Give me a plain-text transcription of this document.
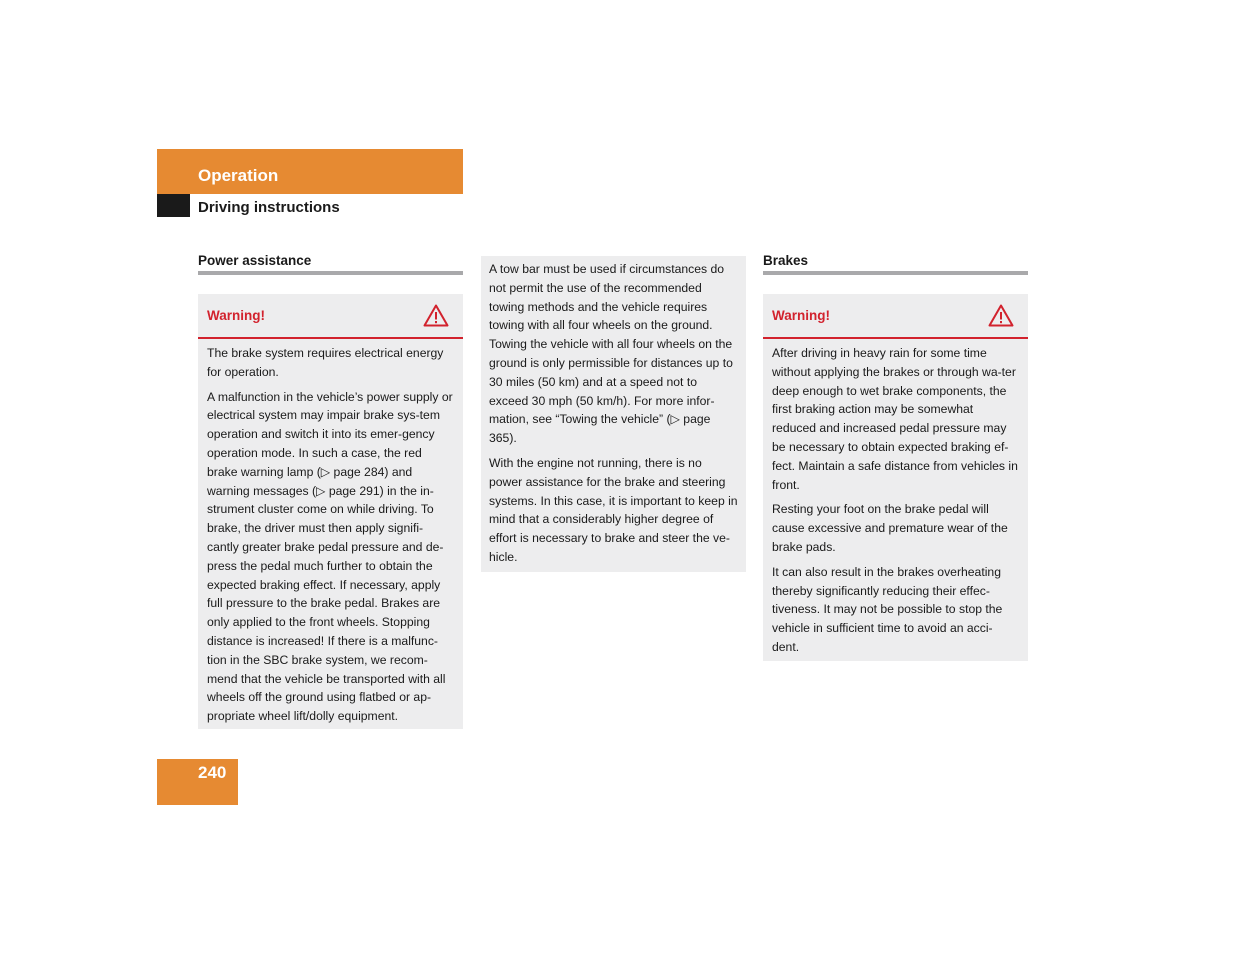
Operation
Driving instructions
Power assistance
Warning!

The brake system requires electrical energy for operation.

A malfunction in the vehicle’s power supply or electrical system may impair brake sys-tem operation and switch it into its emer-gency operation mode. In such a case, the red brake warning lamp (▷ page 284) and warning messages (▷ page 291) in the in-strument cluster come on while driving. To brake, the driver must then apply signifi-cantly greater brake pedal pressure and de-press the pedal much further to obtain the expected braking effect. If necessary, apply full pressure to the brake pedal. Brakes are only applied to the front wheels. Stopping distance is increased! If there is a malfunc-tion in the SBC brake system, we recom-mend that the vehicle be transported with all wheels off the ground using flatbed or ap-propriate wheel lift/dolly equipment.

A tow bar must be used if circumstances do not permit the use of the recommended towing methods and the vehicle requires towing with all four wheels on the ground. Towing the vehicle with all four wheels on the ground is only permissible for distances up to 30 miles (50 km) and at a speed not to exceed 30 mph (50 km/h). For more infor-mation, see “Towing the vehicle” (▷ page 365).

With the engine not running, there is no power assistance for the brake and steering systems. In this case, it is important to keep in mind that a considerably higher degree of effort is necessary to brake and steer the ve-hicle.

Brakes
Warning!

After driving in heavy rain for some time without applying the brakes or through wa-ter deep enough to wet brake components, the first braking action may be somewhat reduced and increased pedal pressure may be necessary to obtain expected braking ef-fect. Maintain a safe distance from vehicles in front.

Resting your foot on the brake pedal will cause excessive and premature wear of the brake pads.

It can also result in the brakes overheating thereby significantly reducing their effec-tiveness. It may not be possible to stop the vehicle in sufficient time to avoid an acci-dent.

240
